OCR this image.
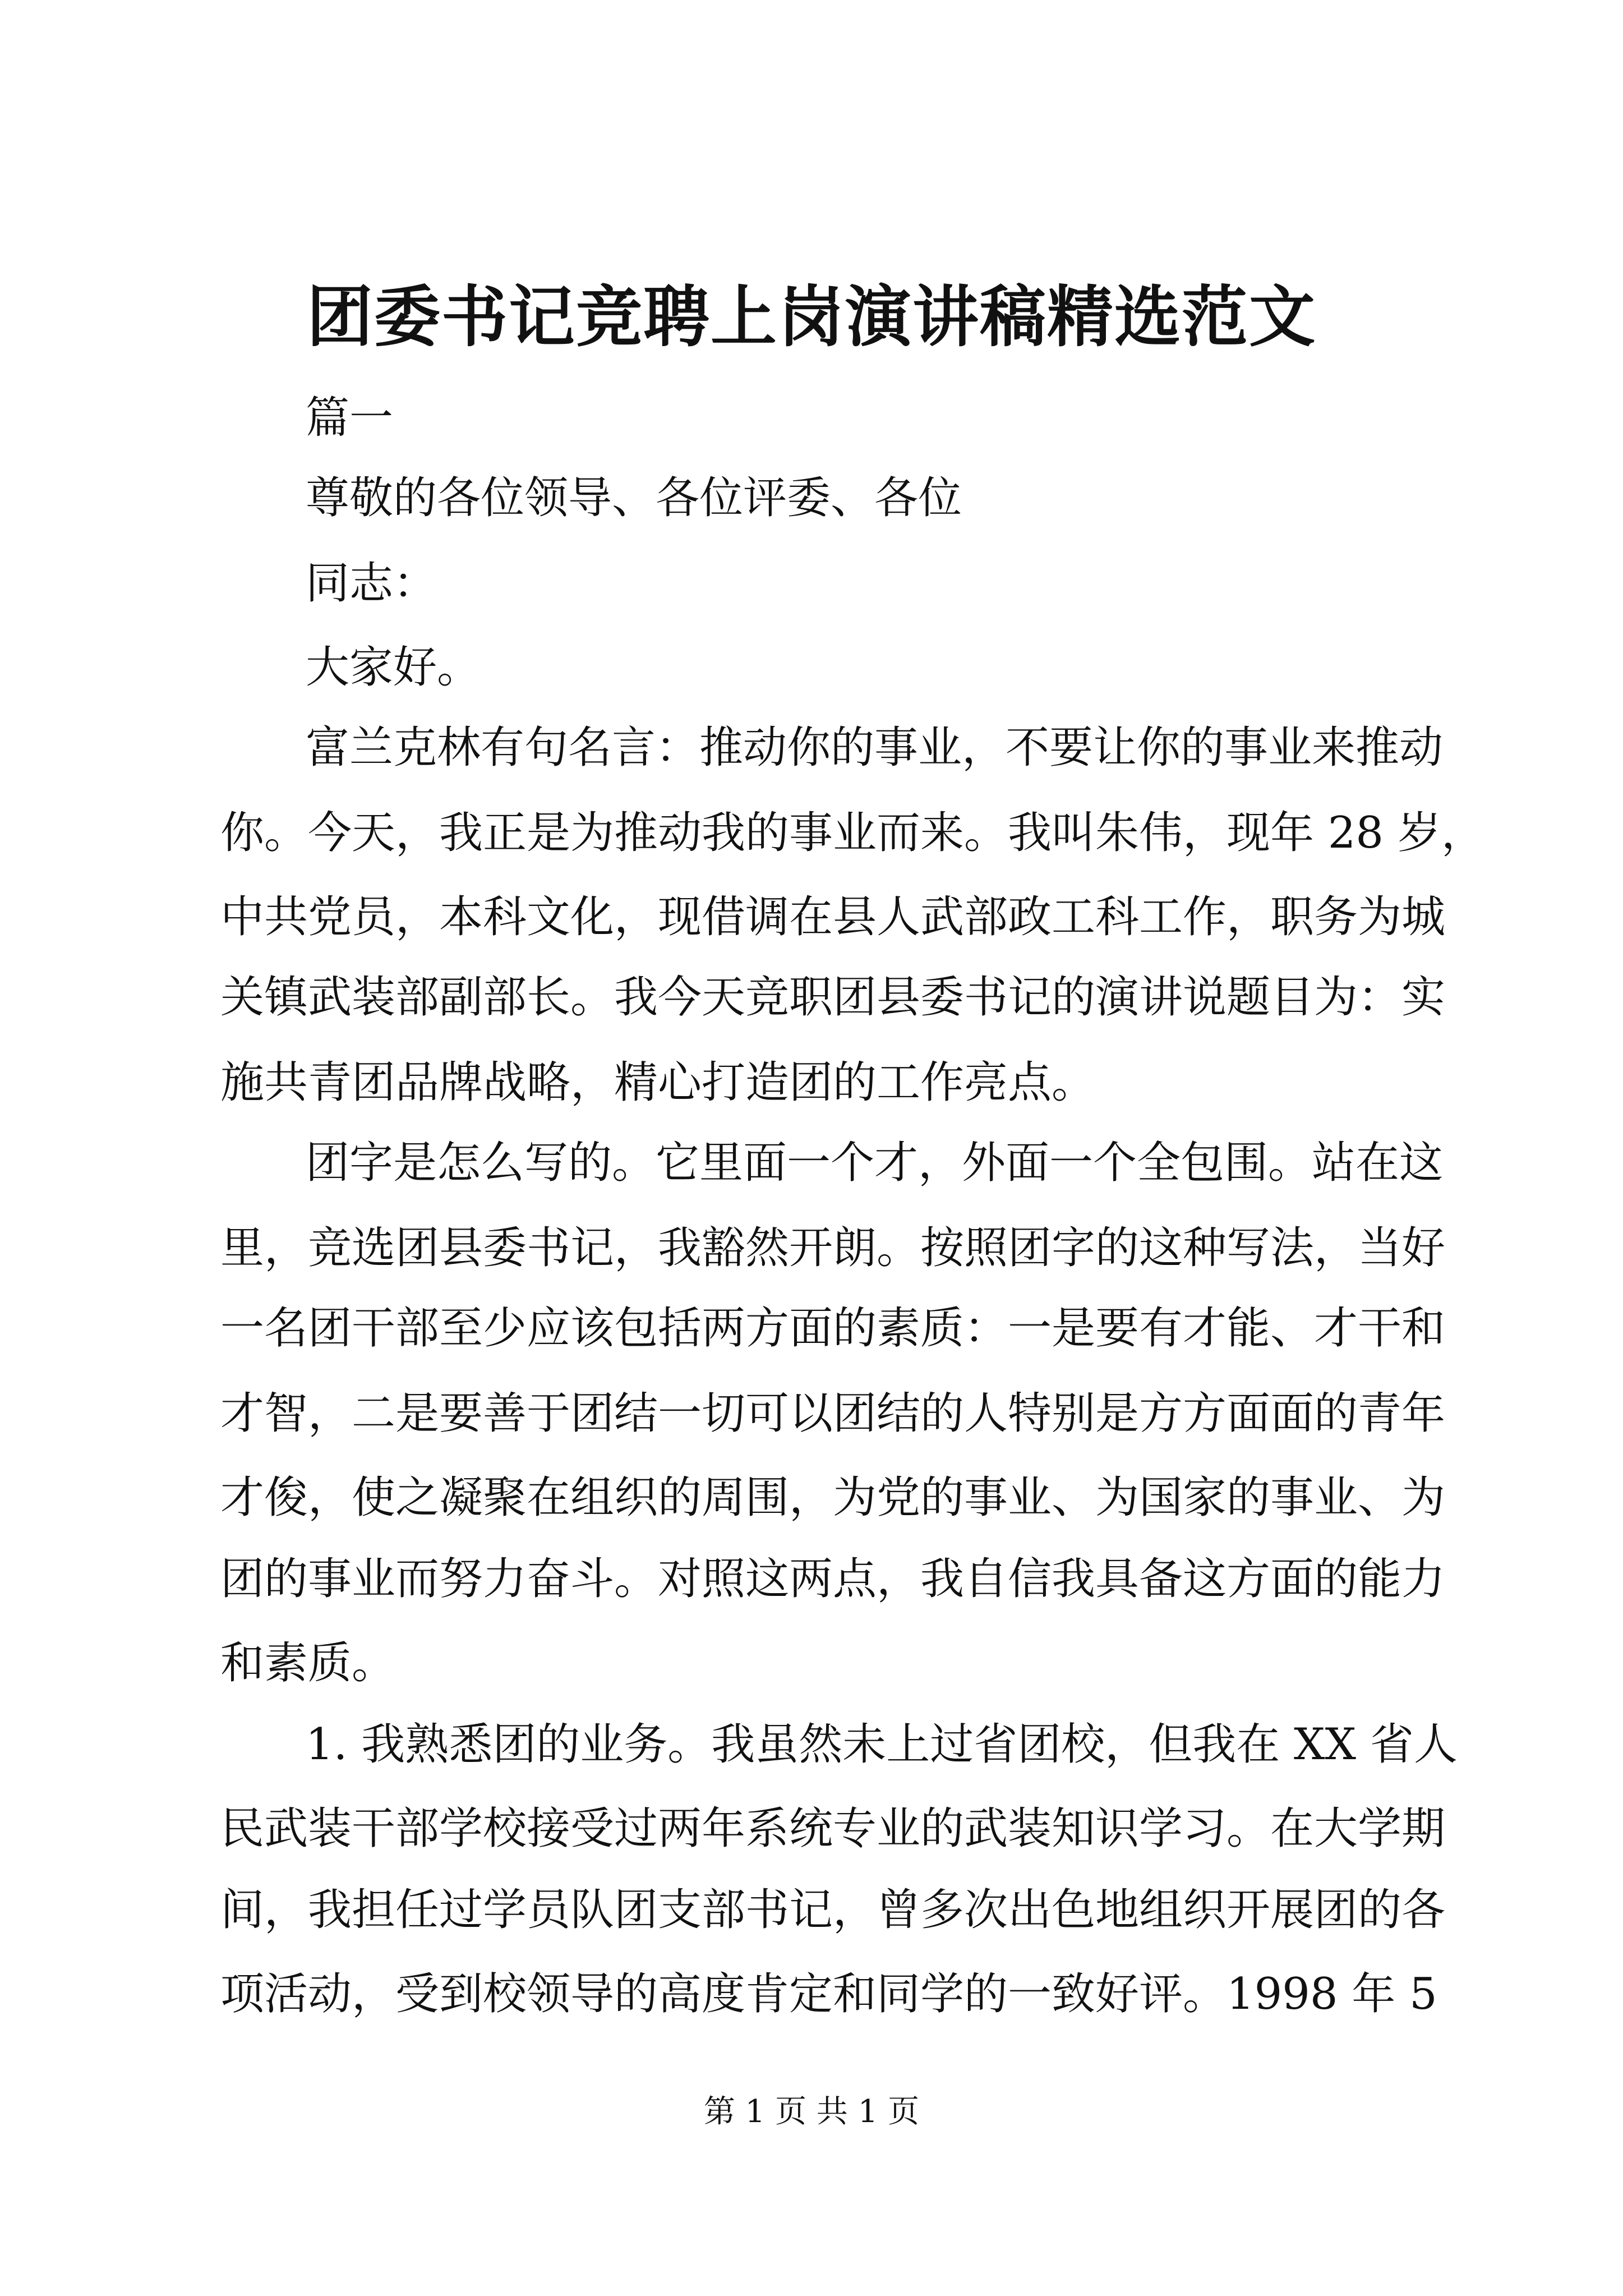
团委书记竞聘上岗演讲稿精选范文
篇一
尊敬的各位领导、各位评委、各位
同志：
大家好。
富兰克林有句名言：推动你的事业，不要让你的事业来推动
你。今天，我正是为推动我的事业而来。我叫朱伟，现年 28 岁，
中共党员，本科文化，现借调在县人武部政工科工作，职务为城
关镇武装部副部长。我今天竞职团县委书记的演讲说题目为：实
施共青团品牌战略，精心打造团的工作亮点。
团字是怎么写的。它里面一个才，外面一个全包围。站在这
里，竞选团县委书记，我豁然开朗。按照团字的这种写法，当好
一名团干部至少应该包括两方面的素质：一是要有才能、才干和
才智，二是要善于团结一切可以团结的人特别是方方面面的青年
才俊，使之凝聚在组织的周围，为党的事业、为国家的事业、为
团的事业而努力奋斗。对照这两点，我自信我具备这方面的能力
和素质。
1. 我熟悉团的业务。我虽然未上过省团校，但我在 XX 省人
民武装干部学校接受过两年系统专业的武装知识学习。在大学期
间，我担任过学员队团支部书记，曾多次出色地组织开展团的各
项活动，受到校领导的高度肯定和同学的一致好评。1998 年 5
第 1 页 共 1 页
